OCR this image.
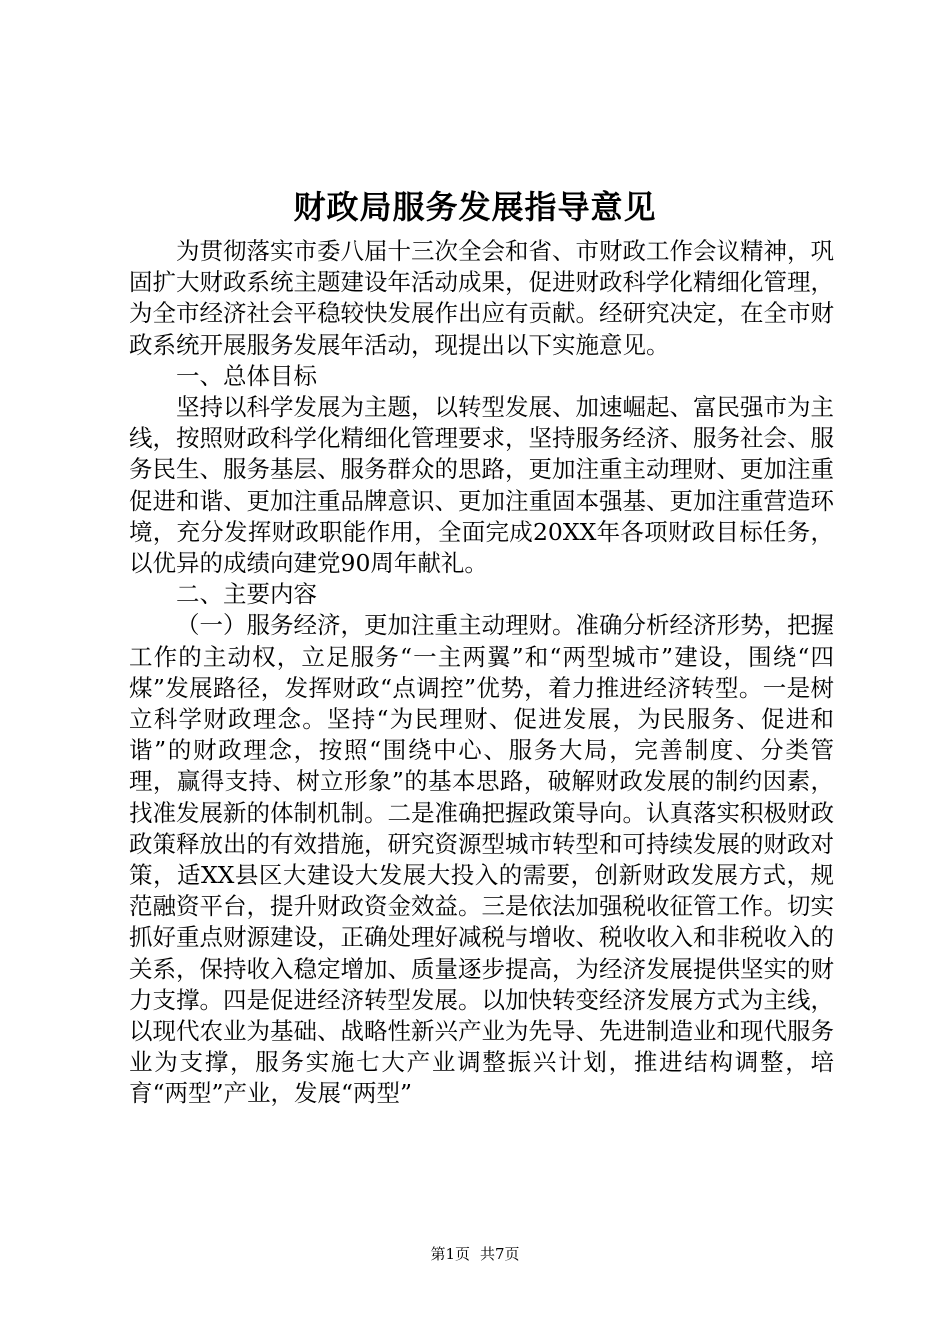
财政局服务发展指导意见

为贯彻落实市委八届十三次全会和省、市财政工作会议精神，巩固扩大财政系统主题建设年活动成果，促进财政科学化精细化管理，为全市经济社会平稳较快发展作出应有贡献。经研究决定，在全市财政系统开展服务发展年活动，现提出以下实施意见。

一、总体目标

坚持以科学发展为主题，以转型发展、加速崛起、富民强市为主线，按照财政科学化精细化管理要求，坚持服务经济、服务社会、服务民生、服务基层、服务群众的思路，更加注重主动理财、更加注重促进和谐、更加注重品牌意识、更加注重固本强基、更加注重营造环境，充分发挥财政职能作用，全面完成20XX年各项财政目标任务，以优异的成绩向建党90周年献礼。

二、主要内容

（一）服务经济，更加注重主动理财。准确分析经济形势，把握工作的主动权，立足服务“一主两翼”和“两型城市”建设，围绕“四煤”发展路径，发挥财政“点调控”优势，着力推进经济转型。一是树立科学财政理念。坚持“为民理财、促进发展，为民服务、促进和谐”的财政理念，按照“围绕中心、服务大局，完善制度、分类管理，赢得支持、树立形象”的基本思路，破解财政发展的制约因素，找准发展新的体制机制。二是准确把握政策导向。认真落实积极财政政策释放出的有效措施，研究资源型城市转型和可持续发展的财政对策，适XX县区大建设大发展大投入的需要，创新财政发展方式，规范融资平台，提升财政资金效益。三是依法加强税收征管工作。切实抓好重点财源建设，正确处理好减税与增收、税收收入和非税收入的关系，保持收入稳定增加、质量逐步提高，为经济发展提供坚实的财力支撑。四是促进经济转型发展。以加快转变经济发展方式为主线，以现代农业为基础、战略性新兴产业为先导、先进制造业和现代服务业为支撑，服务实施七大产业调整振兴计划，推进结构调整，培育“两型”产业，发展“两型”

第1页 共7页
